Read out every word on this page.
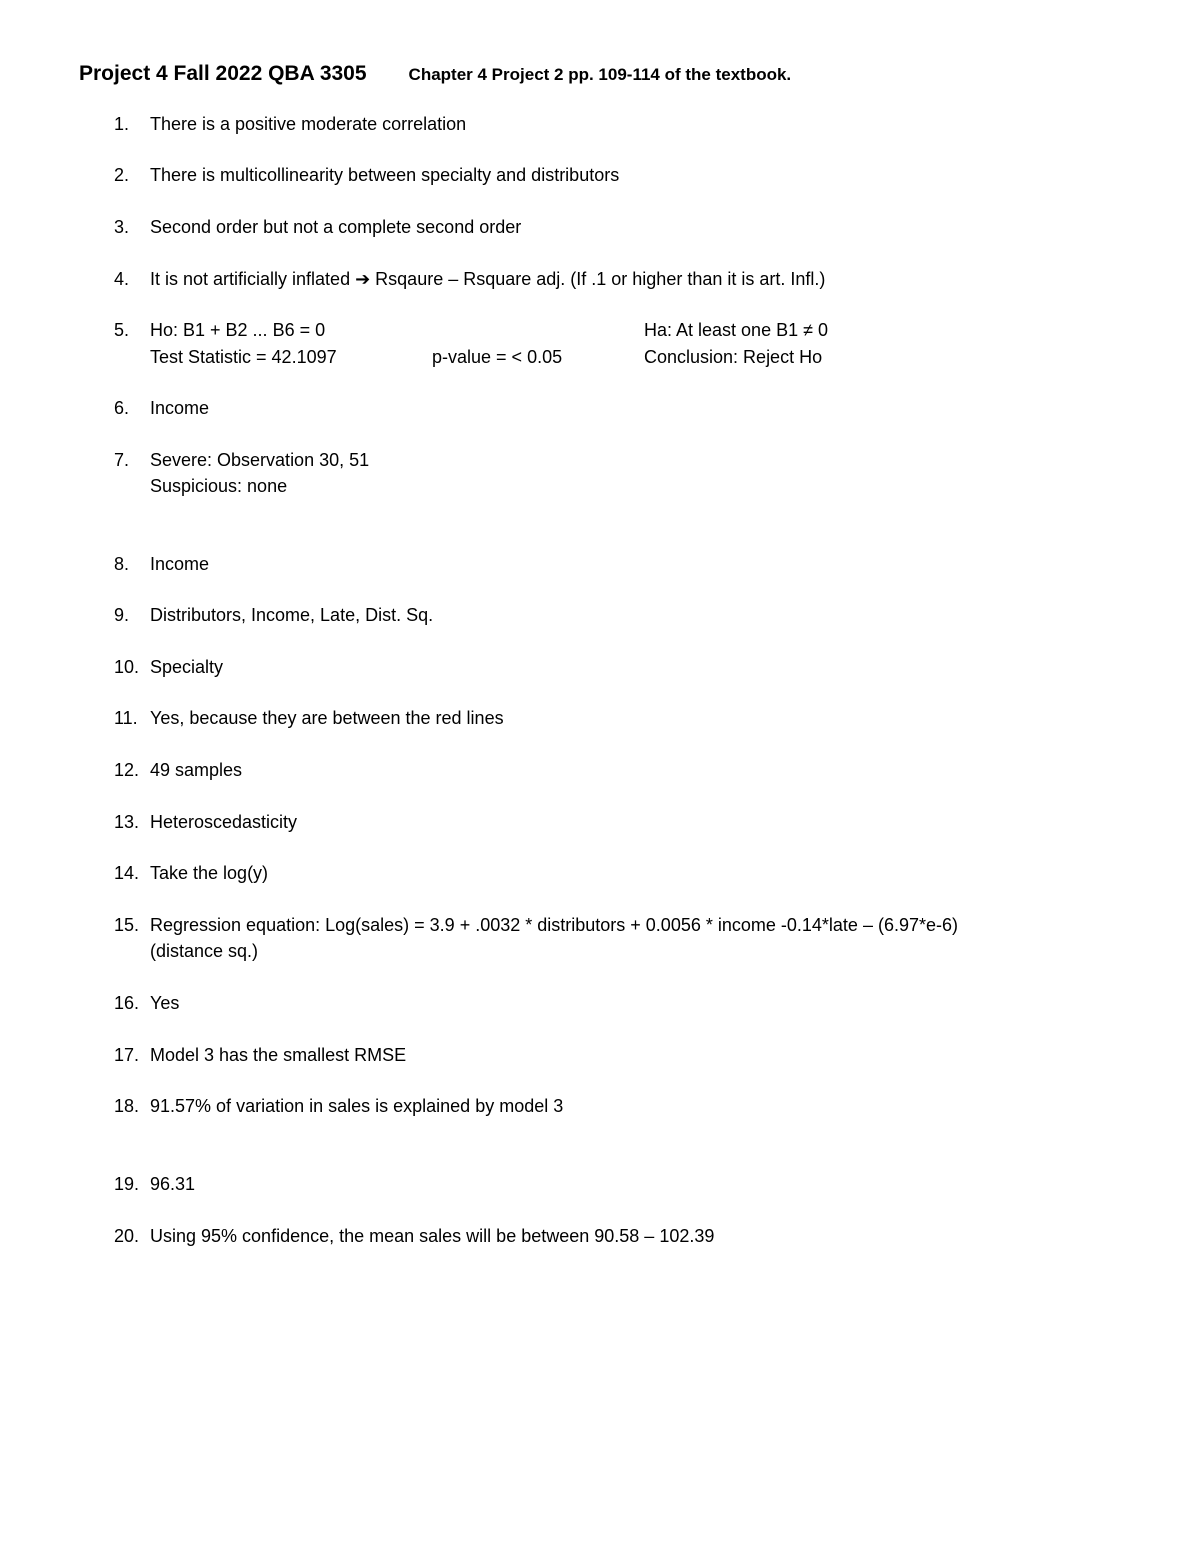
Project 4 Fall 2022 QBA 3305 Chapter 4 Project 2 pp. 109-114 of the textbook.
1. There is a positive moderate correlation
2. There is multicollinearity between specialty and distributors
3. Second order but not a complete second order
4. It is not artificially inflated ➔ Rsqaure – Rsquare adj. (If .1 or higher than it is art. Infl.)
5. Ho: B1 + B2 ... B6 = 0	Ha: At least one B1 ≠ 0
Test Statistic = 42.1097	p-value = < 0.05	Conclusion: Reject Ho
6. Income
7. Severe: Observation 30, 51
Suspicious: none
8. Income
9. Distributors, Income, Late, Dist. Sq.
10. Specialty
11. Yes, because they are between the red lines
12. 49 samples
13. Heteroscedasticity
14. Take the log(y)
15. Regression equation: Log(sales) = 3.9 + .0032 * distributors + 0.0056 * income -0.14*late – (6.97*e-6)
(distance sq.)
16. Yes
17. Model 3 has the smallest RMSE
18. 91.57% of variation in sales is explained by model 3
19. 96.31
20. Using 95% confidence, the mean sales will be between 90.58 – 102.39
